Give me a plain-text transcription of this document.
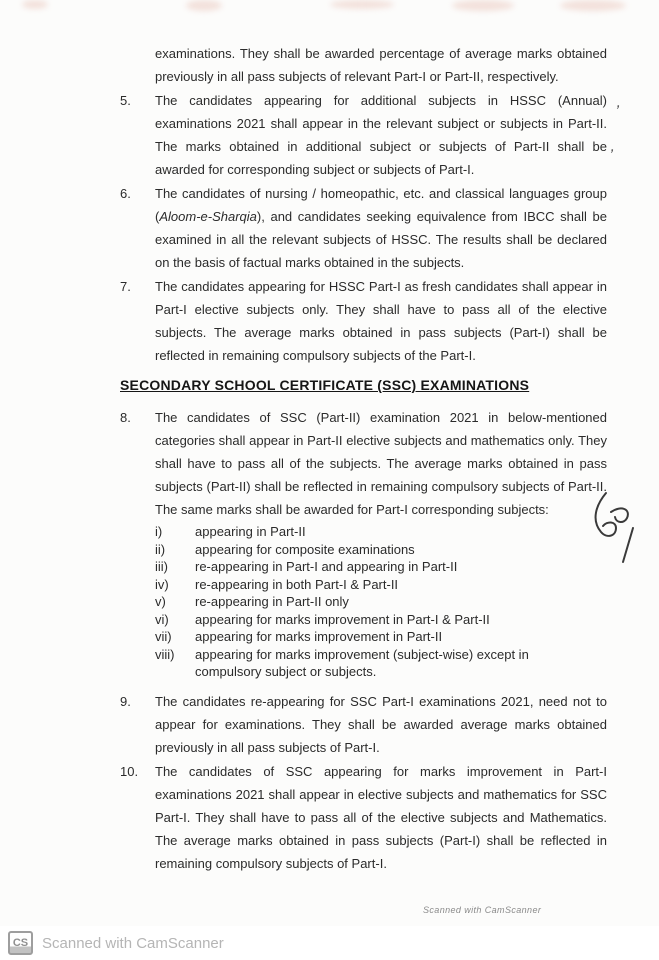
examinations. They shall be awarded percentage of average marks obtained previously in all pass subjects of relevant Part-I or Part-II, respectively.

5.	The candidates appearing for additional subjects in HSSC (Annual) examinations 2021 shall appear in the relevant subject or subjects in Part-II. The marks obtained in additional subject or subjects of Part-II shall be awarded for corresponding subject or subjects of Part-I.
6.	The candidates of nursing / homeopathic, etc. and classical languages group (Aloom-e-Sharqia), and candidates seeking equivalence from IBCC shall be examined in all the relevant subjects of HSSC. The results shall be declared on the basis of factual marks obtained in the subjects.
7.	The candidates appearing for HSSC Part-I as fresh candidates shall appear in Part-I elective subjects only. They shall have to pass all of the elective subjects. The average marks obtained in pass subjects (Part-I) shall be reflected in remaining compulsory subjects of the Part-I.
SECONDARY SCHOOL CERTIFICATE (SSC) EXAMINATIONS
8.	The candidates of SSC (Part-II) examination 2021 in below-mentioned categories shall appear in Part-II elective subjects and mathematics only. They shall have to pass all of the subjects. The average marks obtained in pass subjects (Part-II) shall be reflected in remaining compulsory subjects of Part-II. The same marks shall be awarded for Part-I corresponding subjects:
i)	appearing in Part-II
ii)	appearing for composite examinations
iii)	re-appearing in Part-I and appearing in Part-II
iv)	re-appearing in both Part-I & Part-II
v)	re-appearing in Part-II only
vi)	appearing for marks improvement in Part-I & Part-II
vii)	appearing for marks improvement in Part-II
viii)	appearing for marks improvement (subject-wise) except in compulsory subject or subjects.
9.	The candidates re-appearing for SSC Part-I examinations 2021, need not to appear for examinations. They shall be awarded average marks obtained previously in all pass subjects of Part-I.
10.	The candidates of SSC appearing for marks improvement in Part-I examinations 2021 shall appear in elective subjects and mathematics for SSC Part-I. They shall have to pass all of the elective subjects and Mathematics. The average marks obtained in pass subjects (Part-I) shall be reflected in remaining compulsory subjects of Part-I.
,
,
Scanned with CamScanner
CS Scanned with CamScanner
